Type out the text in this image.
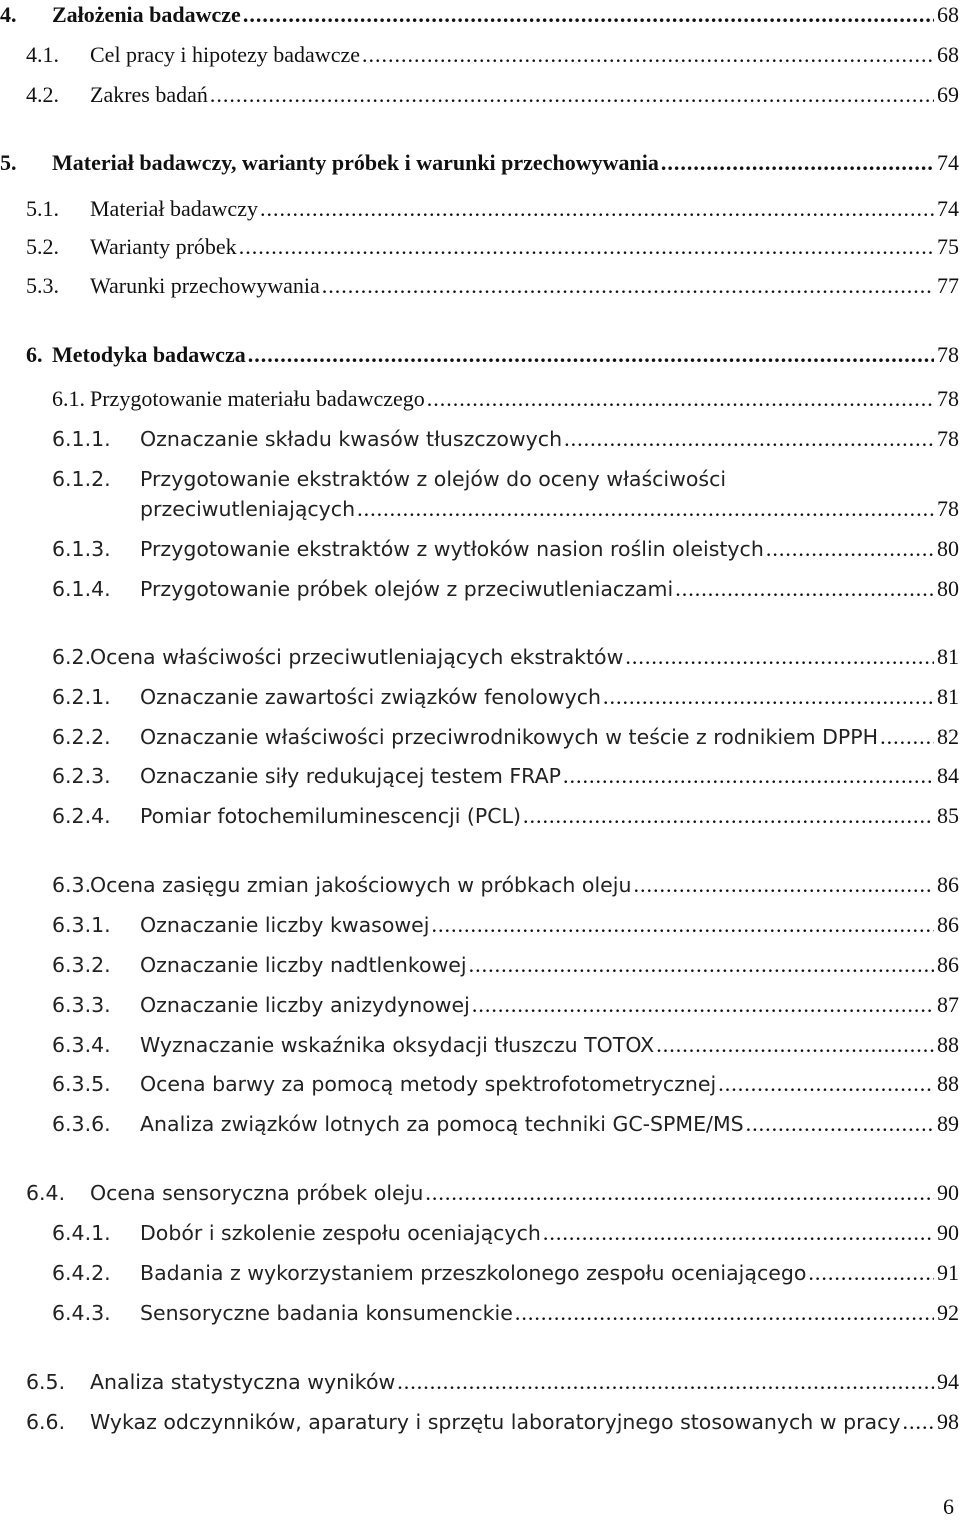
4. Założenia badawcze .....	68
4.1. Cel pracy i hipotezy badawcze .....	68
4.2. Zakres badań .....	69
5. Materiał badawczy, warianty próbek i warunki przechowywania .....	74
5.1. Materiał badawczy .....	74
5.2. Warianty próbek .....	75
5.3. Warunki przechowywania .....	77
6. Metodyka badawcza .....	78
6.1. Przygotowanie materiału badawczego .....	78
6.1.1. Oznaczanie składu kwasów tłuszczowych .....	78
6.1.2. Przygotowanie ekstraktów z olejów do oceny właściwości
przeciwutleniających .....	78
6.1.3. Przygotowanie ekstraktów z wytłoków nasion roślin oleistych .....	80
6.1.4. Przygotowanie próbek olejów z przeciwutleniaczami .....	80
6.2.
Ocena właściwości przeciwutleniających ekstraktów .....	81
6.2.1. Oznaczanie zawartości związków fenolowych .....	81
6.2.2. Oznaczanie właściwości przeciwrodnikowych w teście z rodnikiem DPPH .....	82
6.2.3. Oznaczanie siły redukującej testem FRAP .....	84
6.2.4. Pomiar fotochemiluminescencji (PCL) .....	85
6.3.
Ocena zasięgu zmian jakościowych w próbkach oleju .....	86
6.3.1. Oznaczanie liczby kwasowej .....	86
6.3.2. Oznaczanie liczby nadtlenkowej .....	86
6.3.3. Oznaczanie liczby anizydynowej .....	87
6.3.4. Wyznaczanie wskaźnika oksydacji tłuszczu TOTOX .....	88
6.3.5. Ocena barwy za pomocą metody spektrofotometrycznej .....	88
6.3.6. Analiza związków lotnych za pomocą techniki GC-SPME/MS .....	89
6.4. Ocena sensoryczna próbek oleju .....	90
6.4.1. Dobór i szkolenie zespołu oceniających .....	90
6.4.2. Badania z wykorzystaniem przeszkolonego zespołu oceniającego .....	91
6.4.3. Sensoryczne badania konsumenckie .....	92
6.5. Analiza statystyczna wyników .....	94
6.6. Wykaz odczynników, aparatury i sprzętu laboratoryjnego stosowanych w pracy ..... 98
6
